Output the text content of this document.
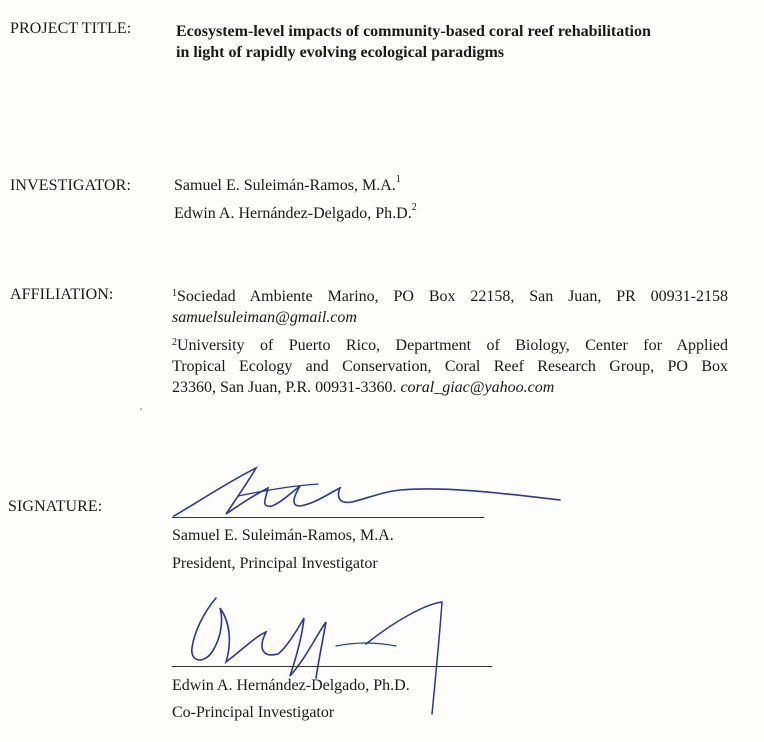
PROJECT TITLE:	Ecosystem-level impacts of community-based coral reef rehabilitation
in light of rapidly evolving ecological paradigms
INVESTIGATOR:	Samuel E. Suleimán-Ramos, M.A.$^1$
Edwin A. Hernández-Delgado, Ph.D.$^2$
AFFILIATION:	$^1$Sociedad Ambiente Marino, PO Box 22158, San Juan, PR 00931-2158
samuelsuleiman@gmail.com
$^2$University of Puerto Rico, Department of Biology, Center for Applied
Tropical Ecology and Conservation, Coral Reef Research Group, PO Box
23360, San Juan, P.R. 00931-3360. coral_giac@yahoo.com
SIGNATURE:
Samuel E. Suleimán-Ramos, M.A.
President, Principal Investigator
Edwin A. Hernández-Delgado, Ph.D.
Co-Principal Investigator
